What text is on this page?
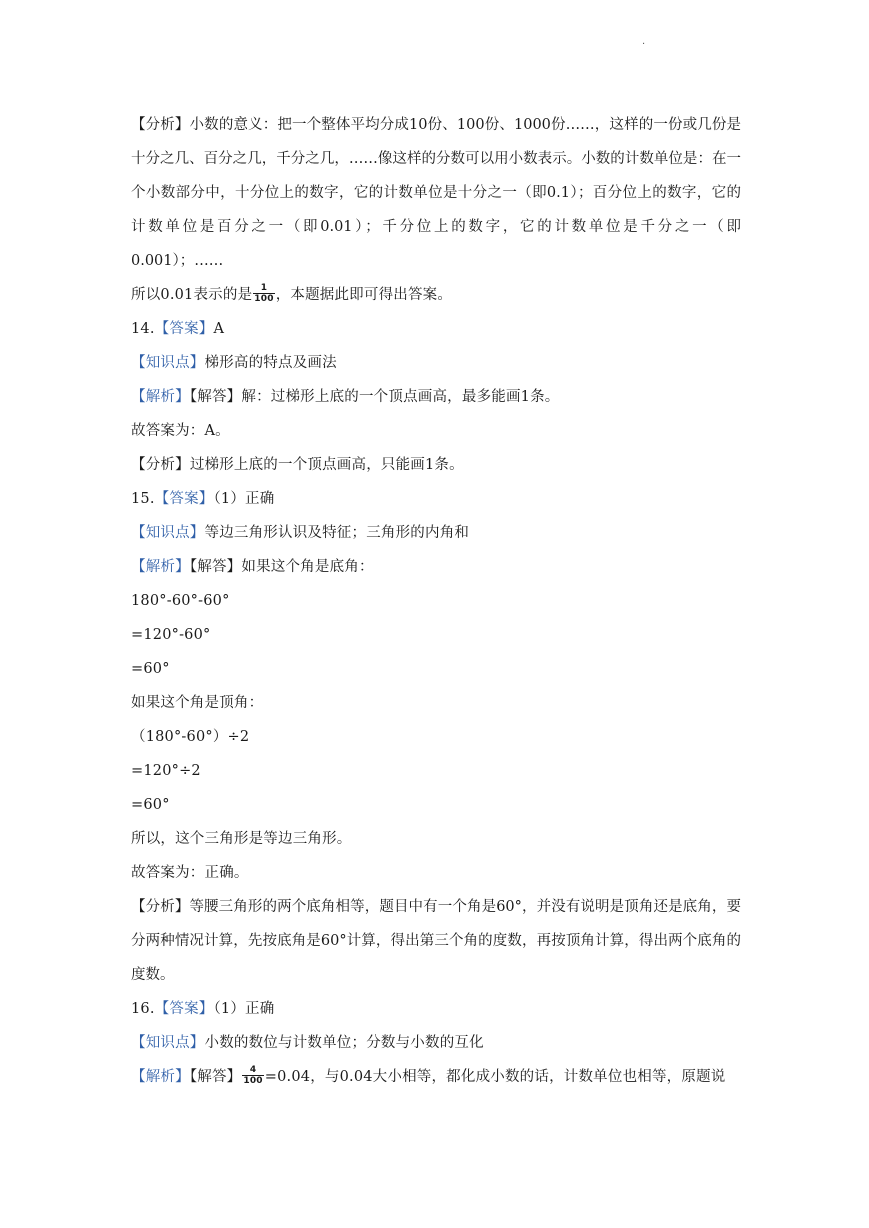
.
【分析】小数的意义：把一个整体平均分成10份、100份、1000份……，这样的一份或几份是十分之几、百分之几，千分之几，……像这样的分数可以用小数表示。小数的计数单位是：在一个小数部分中，十分位上的数字，它的计数单位是十分之一（即0.1）；百分位上的数字，它的计数单位是百分之一（即0.01）；千分位上的数字，它的计数单位是千分之一（即0.001）；……
所以0.01表示的是 $\frac{1}{100}$ ，本题据此即可得出答案。
14.【答案】A
【知识点】梯形高的特点及画法
【解析】【解答】解：过梯形上底的一个顶点画高，最多能画1条。
故答案为：A。
【分析】过梯形上底的一个顶点画高，只能画1条。
15.【答案】（1）正确
【知识点】等边三角形认识及特征；三角形的内角和
【解析】【解答】如果这个角是底角：
180°-60°-60°
=120°-60°
=60°
如果这个角是顶角：
（180°-60°）÷2
=120°÷2
=60°
所以，这个三角形是等边三角形。
故答案为：正确。
【分析】等腰三角形的两个底角相等，题目中有一个角是60°，并没有说明是顶角还是底角，要分两种情况计算，先按底角是60°计算，得出第三个角的度数，再按顶角计算，得出两个底角的度数。
16.【答案】（1）正确
【知识点】小数的数位与计数单位；分数与小数的互化
【解析】【解答】 $\frac{4}{100} =0.04$，与0.04大小相等，都化成小数的话，计数单位也相等，原题说
